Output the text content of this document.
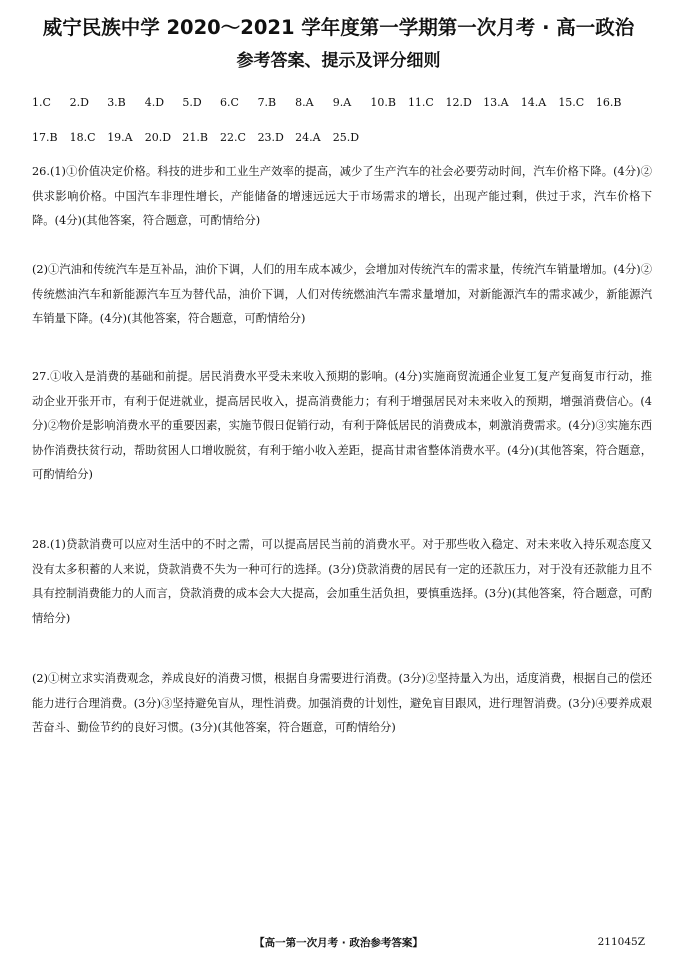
威宁民族中学 2020～2021 学年度第一学期第一次月考 · 高一政治
参考答案、提示及评分细则
1.C 2.D 3.B 4.D 5.D 6.C 7.B 8.A 9.A 10.B 11.C 12.D 13.A 14.A 15.C 16.B
17.B 18.C 19.A 20.D 21.B 22.C 23.D 24.A 25.D
26.(1)①价值决定价格。科技的进步和工业生产效率的提高，减少了生产汽车的社会必要劳动时间，汽车价格下降。(4分)②供求影响价格。中国汽车非理性增长，产能储备的增速远远大于市场需求的增长，出现产能过剩，供过于求，汽车价格下降。(4分)(其他答案，符合题意，可酌情给分)
(2)①汽油和传统汽车是互补品，油价下调，人们的用车成本减少，会增加对传统汽车的需求量，传统汽车销量增加。(4分)②传统燃油汽车和新能源汽车互为替代品，油价下调，人们对传统燃油汽车需求量增加，对新能源汽车的需求减少，新能源汽车销量下降。(4分)(其他答案，符合题意，可酌情给分)
27.①收入是消费的基础和前提。居民消费水平受未来收入预期的影响。(4分)实施商贸流通企业复工复产复商复市行动，推动企业开张开市，有利于促进就业，提高居民收入，提高消费能力；有利于增强居民对未来收入的预期，增强消费信心。(4分)②物价是影响消费水平的重要因素，实施节假日促销行动，有利于降低居民的消费成本，刺激消费需求。(4分)③实施东西协作消费扶贫行动，帮助贫困人口增收脱贫，有利于缩小收入差距，提高甘肃省整体消费水平。(4分)(其他答案，符合题意，可酌情给分)
28.(1)贷款消费可以应对生活中的不时之需，可以提高居民当前的消费水平。对于那些收入稳定、对未来收入持乐观态度又没有太多积蓄的人来说，贷款消费不失为一种可行的选择。(3分)贷款消费的居民有一定的还款压力，对于没有还款能力且不具有控制消费能力的人而言，贷款消费的成本会大大提高，会加重生活负担，要慎重选择。(3分)(其他答案，符合题意，可酌情给分)
(2)①树立求实消费观念，养成良好的消费习惯，根据自身需要进行消费。(3分)②坚持量入为出，适度消费，根据自己的偿还能力进行合理消费。(3分)③坚持避免盲从，理性消费。加强消费的计划性，避免盲目跟风，进行理智消费。(3分)④要养成艰苦奋斗、勤俭节约的良好习惯。(3分)(其他答案，符合题意，可酌情给分)
【高一第一次月考 · 政治参考答案】	211045Z
